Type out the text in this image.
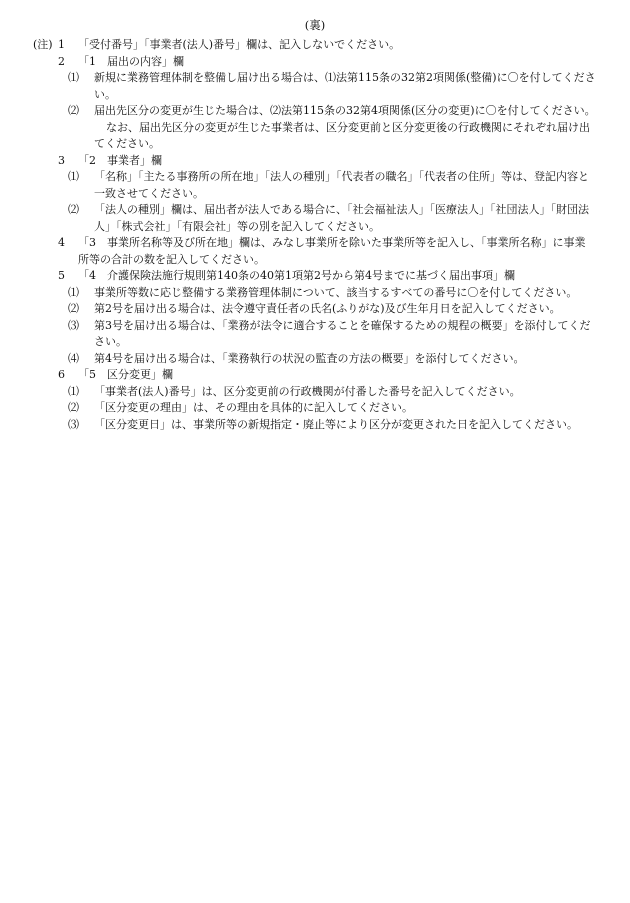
(裏)
(注) 1	「受付番号」「事業者(法人)番号」欄は、記入しないでください。
2	「1　届出の内容」欄
⑴	新規に業務管理体制を整備し届け出る場合は、⑴法第115条の32第2項関係(整備)に〇を付してください。
⑵	届出先区分の変更が生じた場合は、⑵法第115条の32第4項関係(区分の変更)に〇を付してください。
なお、届出先区分の変更が生じた事業者は、区分変更前と区分変更後の行政機関にそれぞれ届け出てください。
3	「2　事業者」欄
⑴	「名称」「主たる事務所の所在地」「法人の種別」「代表者の職名」「代表者の住所」等は、登記内容と一致させてください。
⑵	「法人の種別」欄は、届出者が法人である場合に、「社会福祉法人」「医療法人」「社団法人」「財団法人」「株式会社」「有限会社」等の別を記入してください。
4	「3　事業所名称等及び所在地」欄は、みなし事業所を除いた事業所等を記入し、「事業所名称」に事業所等の合計の数を記入してください。
5	「4　介護保険法施行規則第140条の40第1項第2号から第4号までに基づく届出事項」欄
⑴	事業所等数に応じ整備する業務管理体制について、該当するすべての番号に〇を付してください。
⑵	第2号を届け出る場合は、法令遵守責任者の氏名(ふりがな)及び生年月日を記入してください。
⑶	第3号を届け出る場合は、「業務が法令に適合することを確保するための規程の概要」を添付してください。
⑷	第4号を届け出る場合は、「業務執行の状況の監査の方法の概要」を添付してください。
6	「5　区分変更」欄
⑴	「事業者(法人)番号」は、区分変更前の行政機関が付番した番号を記入してください。
⑵	「区分変更の理由」は、その理由を具体的に記入してください。
⑶	「区分変更日」は、事業所等の新規指定・廃止等により区分が変更された日を記入してください。
